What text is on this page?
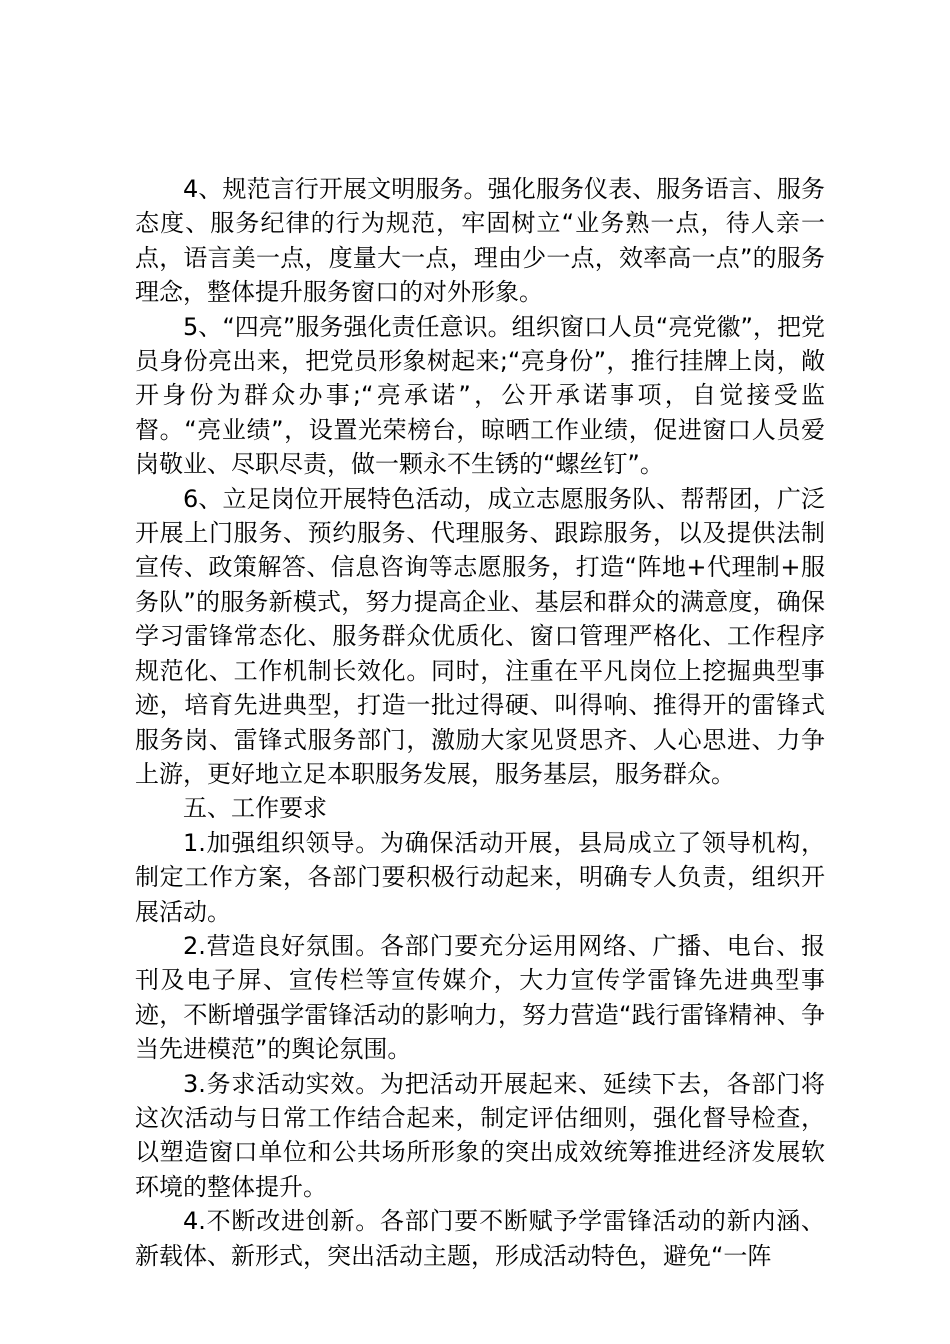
4、规范言行开展文明服务。强化服务仪表、服务语言、服务态度、服务纪律的行为规范，牢固树立“业务熟一点，待人亲一点，语言美一点，度量大一点，理由少一点，效率高一点”的服务理念，整体提升服务窗口的对外形象。

5、“四亮”服务强化责任意识。组织窗口人员“亮党徽”，把党员身份亮出来，把党员形象树起来;“亮身份”，推行挂牌上岗，敞开身份为群众办事;“亮承诺”，公开承诺事项，自觉接受监督。“亮业绩”，设置光荣榜台，晾晒工作业绩，促进窗口人员爱岗敬业、尽职尽责，做一颗永不生锈的“螺丝钉”。

6、立足岗位开展特色活动，成立志愿服务队、帮帮团，广泛开展上门服务、预约服务、代理服务、跟踪服务，以及提供法制宣传、政策解答、信息咨询等志愿服务，打造“阵地+代理制+服务队”的服务新模式，努力提高企业、基层和群众的满意度，确保学习雷锋常态化、服务群众优质化、窗口管理严格化、工作程序规范化、工作机制长效化。同时，注重在平凡岗位上挖掘典型事迹，培育先进典型，打造一批过得硬、叫得响、推得开的雷锋式服务岗、雷锋式服务部门，激励大家见贤思齐、人心思进、力争上游，更好地立足本职服务发展，服务基层，服务群众。

五、工作要求

1.加强组织领导。为确保活动开展，县局成立了领导机构，制定工作方案，各部门要积极行动起来，明确专人负责，组织开展活动。

2.营造良好氛围。各部门要充分运用网络、广播、电台、报刊及电子屏、宣传栏等宣传媒介，大力宣传学雷锋先进典型事迹，不断增强学雷锋活动的影响力，努力营造“践行雷锋精神、争当先进模范”的舆论氛围。

3.务求活动实效。为把活动开展起来、延续下去，各部门将这次活动与日常工作结合起来，制定评估细则，强化督导检查，以塑造窗口单位和公共场所形象的突出成效统筹推进经济发展软环境的整体提升。

4.不断改进创新。各部门要不断赋予学雷锋活动的新内涵、新载体、新形式，突出活动主题，形成活动特色，避免“一阵
